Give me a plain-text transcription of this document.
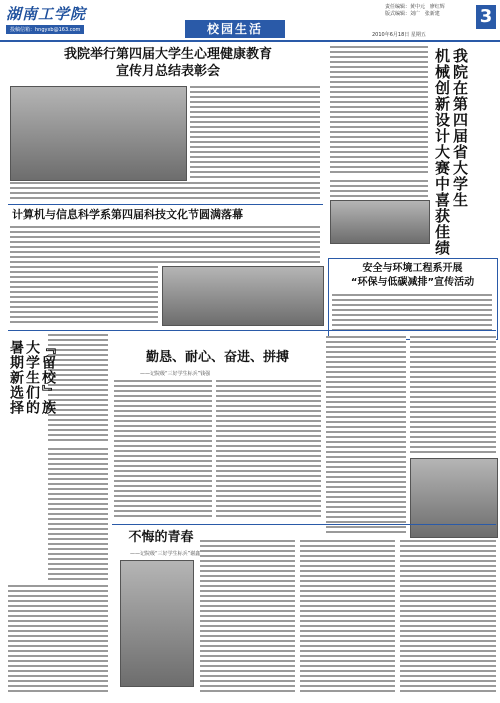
湖南工学院
投稿信箱：hngyxb@163.com	校园生活
责任编辑：黄中元   廖红辉
版式编辑：刘广   张新建 3
2010年6月18日 星期五
我院举行第四届大学生心理健康教育
宣传月总结表彰会
计算机与信息科学系第四届科技文化节圆满落幕
我院在第四届省大学生
机械创新设计大赛中喜获佳绩
安全与环境工程系开展
“环保与低碳减排”宣传活动
『留校』族
大学生们的
暑期新选择	勤恳、耐心、奋进、拼搏
——记院级“三好学生标兵”钱强
不悔的青春
——记院级“三好学生标兵”谢鑫
